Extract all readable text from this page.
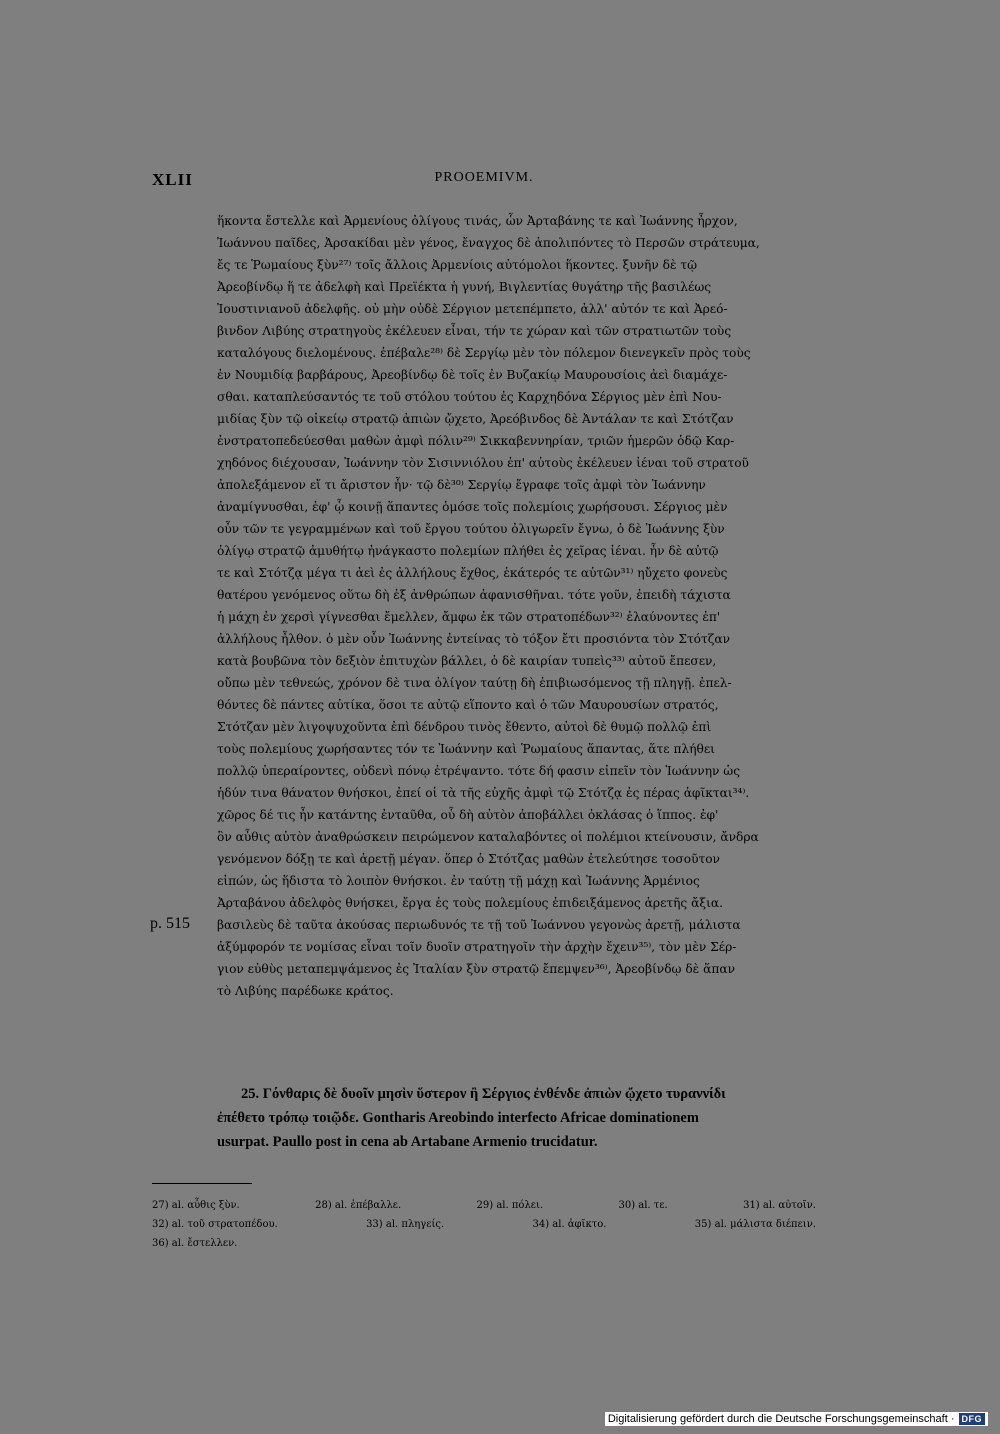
XLII	PROOEMIVM.
ἥκοντα ἔστελλε καὶ Ἀρμενίους ὀλίγους τινάς, ὧν Ἀρταβάνης τε καὶ Ἰωάννης ἦρχον,
Ἰωάννου παῖδες, Ἀρσακίδαι μὲν γένος, ἔναγχος δὲ ἀπολιπόντες τὸ Περσῶν στράτευμα,
ἔς τε Ῥωμαίους ξὺν²⁷⁾ τοῖς ἄλλοις Ἀρμενίοις αὐτόμολοι ἥκοντες. ξυνῆν δὲ τῷ
Ἀρεοβίνδῳ ἥ τε ἀδελφὴ καὶ Πρεϊέκτα ἡ γυνή, Βιγλεντίας θυγάτηρ τῆς βασιλέως
Ἰουστινιανοῦ ἀδελφῆς. οὐ μὴν οὐδὲ Σέργιον μετεπέμπετο, ἀλλ' αὐτόν τε καὶ Ἀρεό-
βινδον Λιβύης στρατηγοὺς ἐκέλευεν εἶναι, τήν τε χώραν καὶ τῶν στρατιωτῶν τοὺς
καταλόγους διελομένους. ἐπέβαλε²⁸⁾ δὲ Σεργίῳ μὲν τὸν πόλεμον διενεγκεῖν πρὸς τοὺς
ἐν Νουμιδίᾳ βαρβάρους, Ἀρεοβίνδῳ δὲ τοῖς ἐν Βυζακίῳ Μαυρουσίοις ἀεὶ διαμάχε-
σθαι. καταπλεύσαντός τε τοῦ στόλου τούτου ἐς Καρχηδόνα Σέργιος μὲν ἐπὶ Νου-
μιδίας ξὺν τῷ οἰκείῳ στρατῷ ἀπιὼν ᾤχετο, Ἀρεόβινδος δὲ Ἀντάλαν τε καὶ Στότζαν
ἐνστρατοπεδεύεσθαι μαθὼν ἀμφὶ πόλιν²⁹⁾ Σικκαβεννηρίαν, τριῶν ἡμερῶν ὁδῷ Καρ-
χηδόνος διέχουσαν, Ἰωάννην τὸν Σισιννιόλου ἐπ' αὐτοὺς ἐκέλευεν ἰέναι τοῦ στρατοῦ
ἀπολεξάμενον εἴ τι ἄριστον ἦν· τῷ δὲ³⁰⁾ Σεργίῳ ἔγραφε τοῖς ἀμφὶ τὸν Ἰωάννην
ἀναμίγνυσθαι, ἐφ' ᾧ κοινῇ ἅπαντες ὁμόσε τοῖς πολεμίοις χωρήσουσι. Σέργιος μὲν
οὖν τῶν τε γεγραμμένων καὶ τοῦ ἔργου τούτου ὀλιγωρεῖν ἔγνω, ὁ δὲ Ἰωάννης ξὺν
ὀλίγῳ στρατῷ ἀμυθήτῳ ἠνάγκαστο πολεμίων πλήθει ἐς χεῖρας ἰέναι. ἦν δὲ αὐτῷ
τε καὶ Στότζᾳ μέγα τι ἀεὶ ἐς ἀλλήλους ἔχθος, ἑκάτερός τε αὐτῶν³¹⁾ ηὔχετο φονεὺς
θατέρου γενόμενος οὕτω δὴ ἐξ ἀνθρώπων ἀφανισθῆναι. τότε γοῦν, ἐπειδὴ τάχιστα
ἡ μάχη ἐν χερσὶ γίγνεσθαι ἔμελλεν, ἄμφω ἐκ τῶν στρατοπέδων³²⁾ ἐλαύνοντες ἐπ'
ἀλλήλους ἦλθον. ὁ μὲν οὖν Ἰωάννης ἐντείνας τὸ τόξον ἔτι προσιόντα τὸν Στότζαν
κατὰ βουβῶνα τὸν δεξιὸν ἐπιτυχὼν βάλλει, ὁ δὲ καιρίαν τυπεὶς³³⁾ αὐτοῦ ἔπεσεν,
οὔπω μὲν τεθνεώς, χρόνον δὲ τινα ὀλίγον ταύτῃ δὴ ἐπιβιωσόμενος τῇ πληγῇ. ἐπελ-
θόντες δὲ πάντες αὐτίκα, ὅσοι τε αὐτῷ εἵποντο καὶ ὁ τῶν Μαυρουσίων στρατός,
Στότζαν μὲν λιγοψυχοῦντα ἐπὶ δένδρου τινὸς ἔθεντο, αὐτοὶ δὲ θυμῷ πολλῷ ἐπὶ
τοὺς πολεμίους χωρήσαντες τόν τε Ἰωάννην καὶ Ῥωμαίους ἅπαντας, ἅτε πλήθει
πολλῷ ὑπεραίροντες, οὐδενὶ πόνῳ ἐτρέψαντο. τότε δή φασιν εἰπεῖν τὸν Ἰωάννην ὡς
ἡδύν τινα θάνατον θνήσκοι, ἐπεί οἱ τὰ τῆς εὐχῆς ἀμφὶ τῷ Στότζᾳ ἐς πέρας ἀφῖκται³⁴⁾.
χῶρος δέ τις ἦν κατάντης ἐνταῦθα, οὗ δὴ αὐτὸν ἀποβάλλει ὀκλάσας ὁ ἵππος. ἐφ'
ὃν αὖθις αὐτὸν ἀναθρώσκειν πειρώμενον καταλαβόντες οἱ πολέμιοι κτείνουσιν, ἄνδρα
γενόμενον δόξῃ τε καὶ ἀρετῇ μέγαν. ὅπερ ὁ Στότζας μαθὼν ἐτελεύτησε τοσοῦτον
εἰπών, ὡς ἥδιστα τὸ λοιπὸν θνήσκοι. ἐν ταύτῃ τῇ μάχῃ καὶ Ἰωάννης Ἀρμένιος
Ἀρταβάνου ἀδελφὸς θνήσκει, ἔργα ἐς τοὺς πολεμίους ἐπιδειξάμενος ἀρετῆς ἄξια.
βασιλεὺς δὲ ταῦτα ἀκούσας περιωδυνός τε τῇ τοῦ Ἰωάννου γεγονὼς ἀρετῇ, μάλιστα
ἀξύμφορόν τε νομίσας εἶναι τοῖν δυοῖν στρατηγοῖν τὴν ἀρχὴν ἔχειν³⁵⁾, τὸν μὲν Σέρ-
γιον εὐθὺς μεταπεμψάμενος ἐς Ἰταλίαν ξὺν στρατῷ ἔπεμψεν³⁶⁾, Ἀρεοβίνδῳ δὲ ἅπαν
τὸ Λιβύης παρέδωκε κράτος.
p. 515
25. Γόνθαρις δὲ δυοῖν μησὶν ὕστερον ἢ Σέργιος ἐνθένδε ἀπιὼν ᾤχετο τυραννίδι
ἐπέθετο τρόπῳ τοιῷδε. Gontharis Areobindo interfecto Africae dominationem
usurpat. Paullo post in cena ab Artabane Armenio trucidatur.
27) al. αὖθις ξὺν.	28) al. ἐπέβαλλε.	29) al. πόλει.	30) al. τε.	31) al. αὐτοῖν.
32) al. τοῦ στρατοπέδου.	33) al. πληγείς.	34) al. ἀφῖκτο.	35) al. μάλιστα διέπειν.
36) al. ἔστελλεν.
Digitalisierung gefördert durch die Deutsche Forschungsgemeinschaft · DFG
